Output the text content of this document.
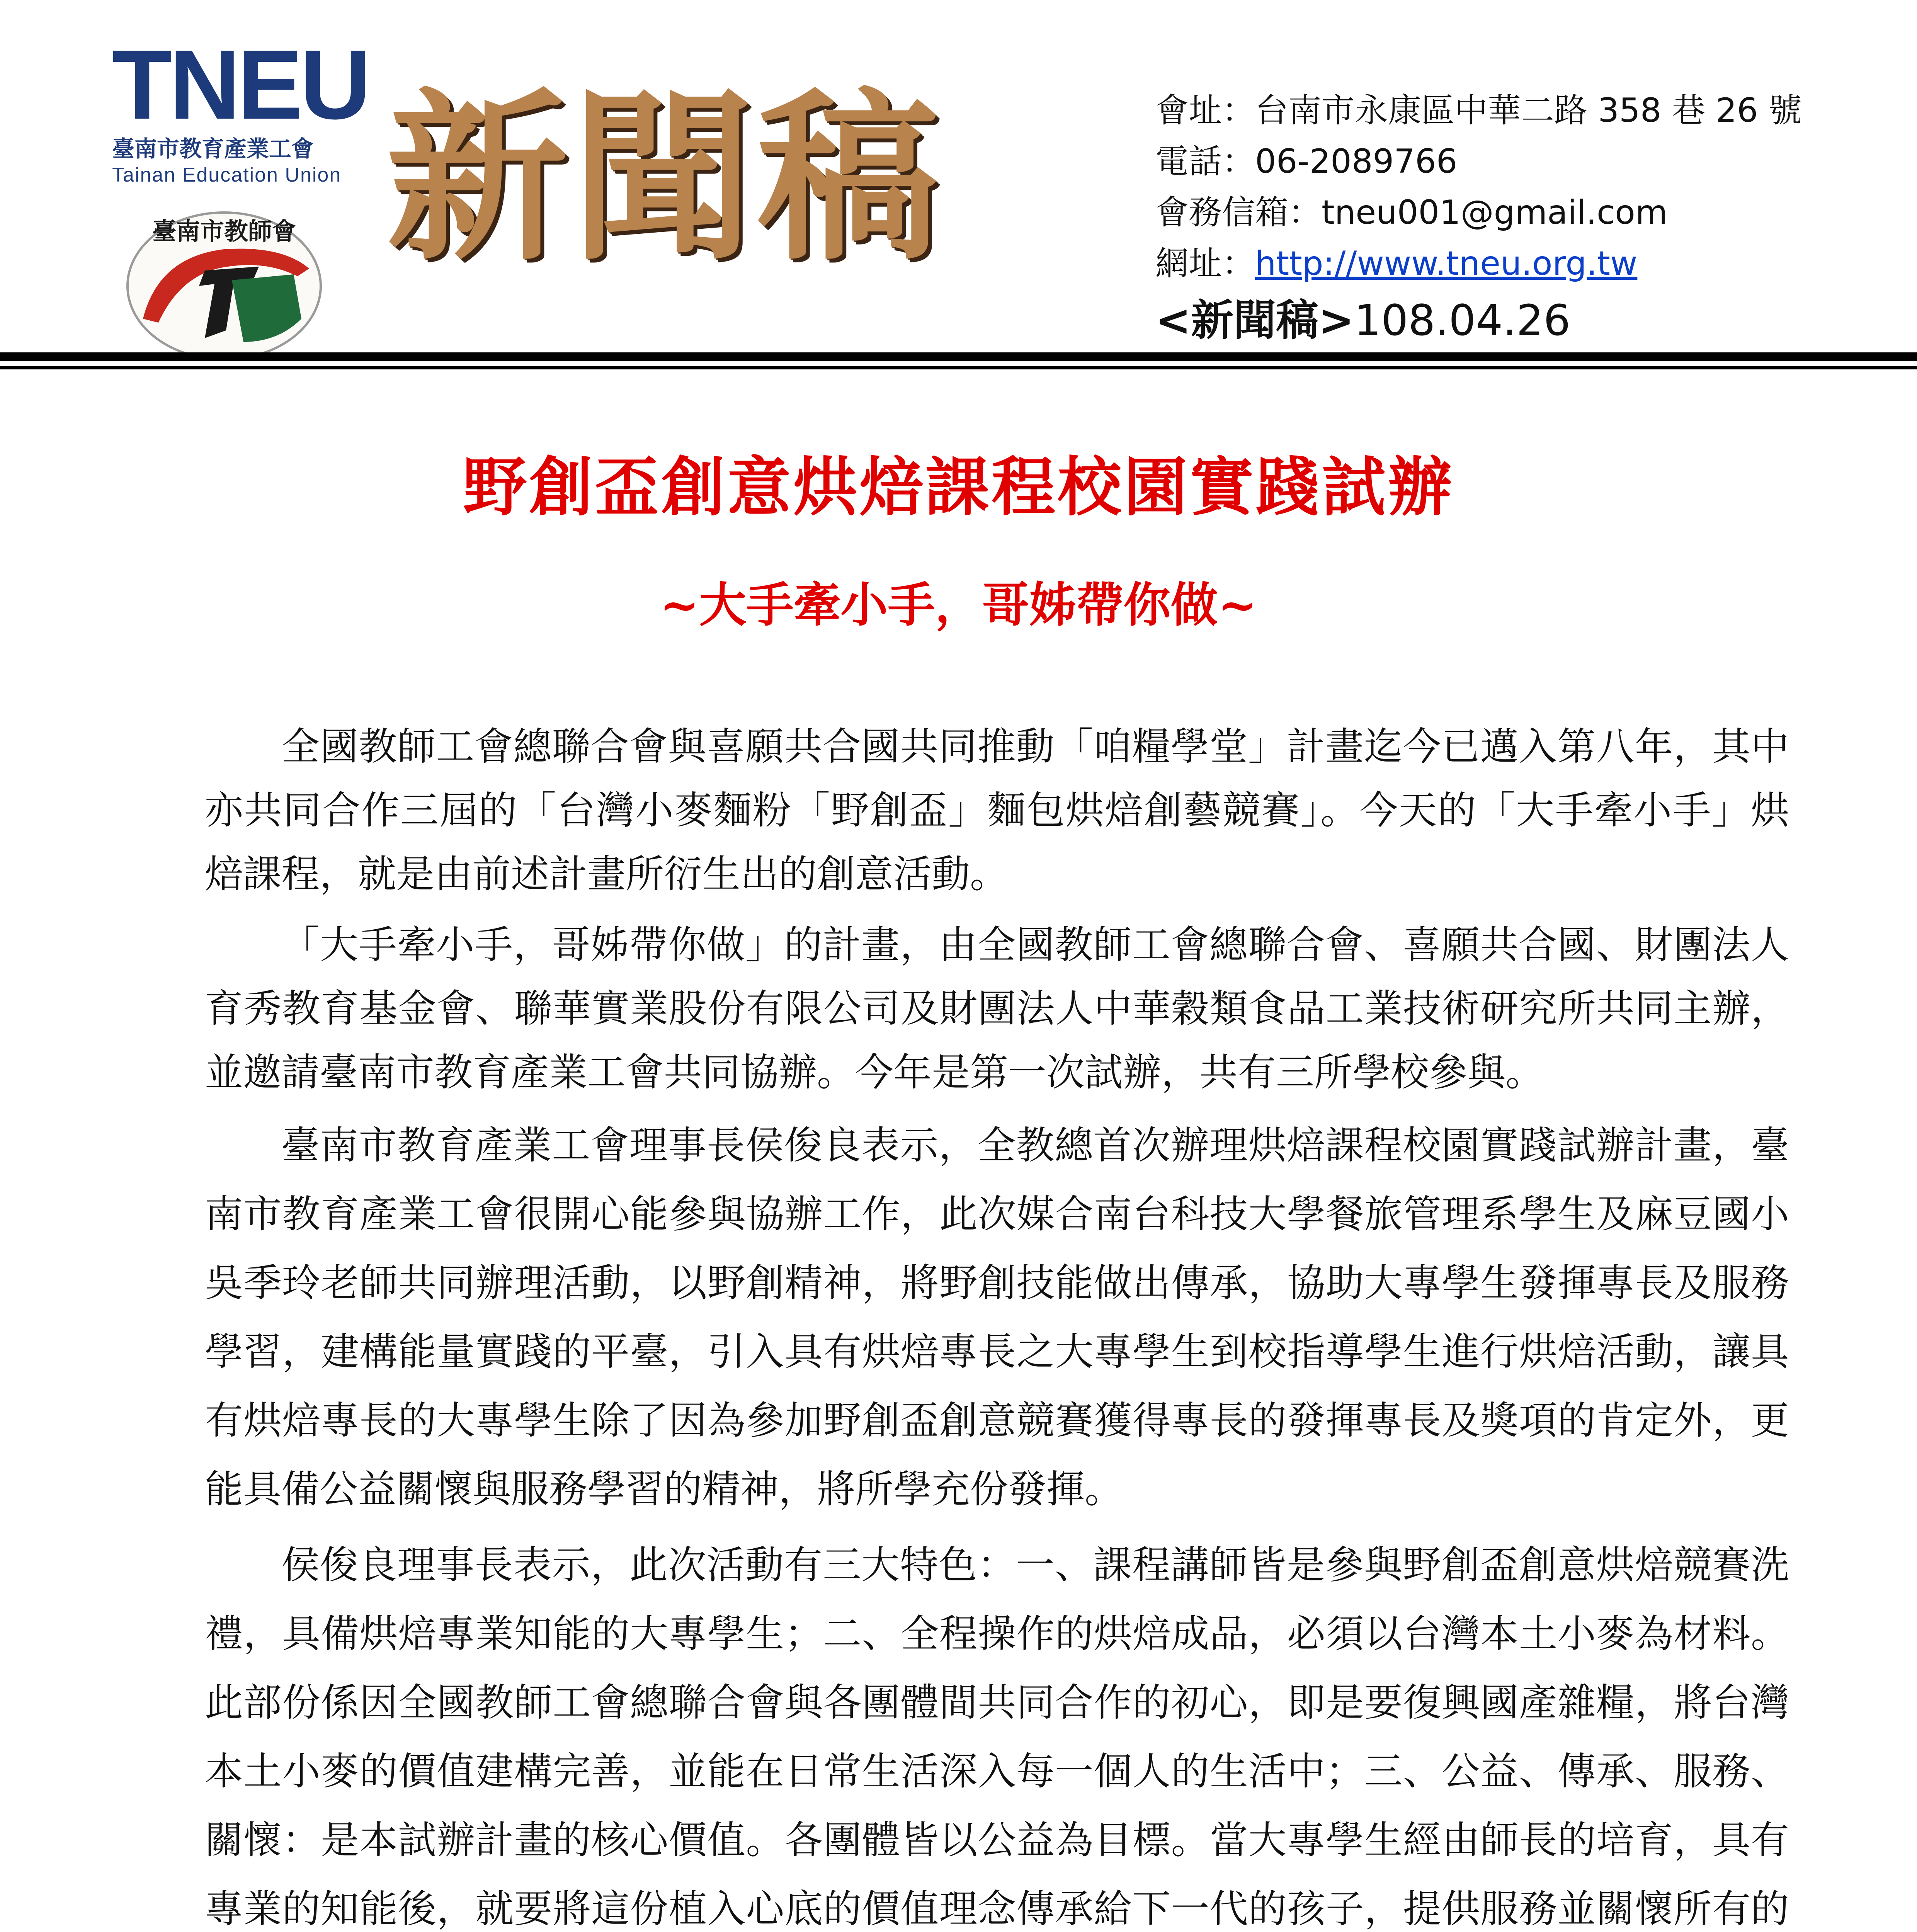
TNEU
臺南市教育產業工會
Tainan Education Union
臺南市教師會 新聞稿	會址：台南市永康區中華二路 358 巷 26 號
電話：06-2089766
會務信箱：tneu001@gmail.com
網址：http://www.tneu.org.tw
<新聞稿>108.04.26
野創盃創意烘焙課程校園實踐試辦
~大手牽小手，哥姊帶你做~

全國教師工會總聯合會與喜願共合國共同推動「咱糧學堂」計畫迄今已邁入第八年，其中亦共同合作三屆的「台灣小麥麵粉「野創盃」麵包烘焙創藝競賽」。今天的「大手牽小手」烘焙課程，就是由前述計畫所衍生出的創意活動。

「大手牽小手，哥姊帶你做」的計畫，由全國教師工會總聯合會、喜願共合國、財團法人育秀教育基金會、聯華實業股份有限公司及財團法人中華穀類食品工業技術研究所共同主辦，並邀請臺南市教育產業工會共同協辦。今年是第一次試辦，共有三所學校參與。

臺南市教育產業工會理事長侯俊良表示，全教總首次辦理烘焙課程校園實踐試辦計畫，臺南市教育產業工會很開心能參與協辦工作，此次媒合南台科技大學餐旅管理系學生及麻豆國小吳季玲老師共同辦理活動，以野創精神，將野創技能做出傳承，協助大專學生發揮專長及服務學習，建構能量實踐的平臺，引入具有烘焙專長之大專學生到校指導學生進行烘焙活動，讓具有烘焙專長的大專學生除了因為參加野創盃創意競賽獲得專長的發揮專長及獎項的肯定外，更能具備公益關懷與服務學習的精神，將所學充份發揮。

侯俊良理事長表示，此次活動有三大特色：一、課程講師皆是參與野創盃創意烘焙競賽洗禮，具備烘焙專業知能的大專學生；二、全程操作的烘焙成品，必須以台灣本土小麥為材料。此部份係因全國教師工會總聯合會與各團體間共同合作的初心，即是要復興國產雜糧，將台灣本土小麥的價值建構完善，並能在日常生活深入每一個人的生活中；三、公益、傳承、服務、關懷：是本試辦計畫的核心價值。各團體皆以公益為目標。當大專學生經由師長的培育，具有專業的知能後，就要將這份植入心底的價值理念傳承給下一代的孩子，提供服務並關懷所有的
